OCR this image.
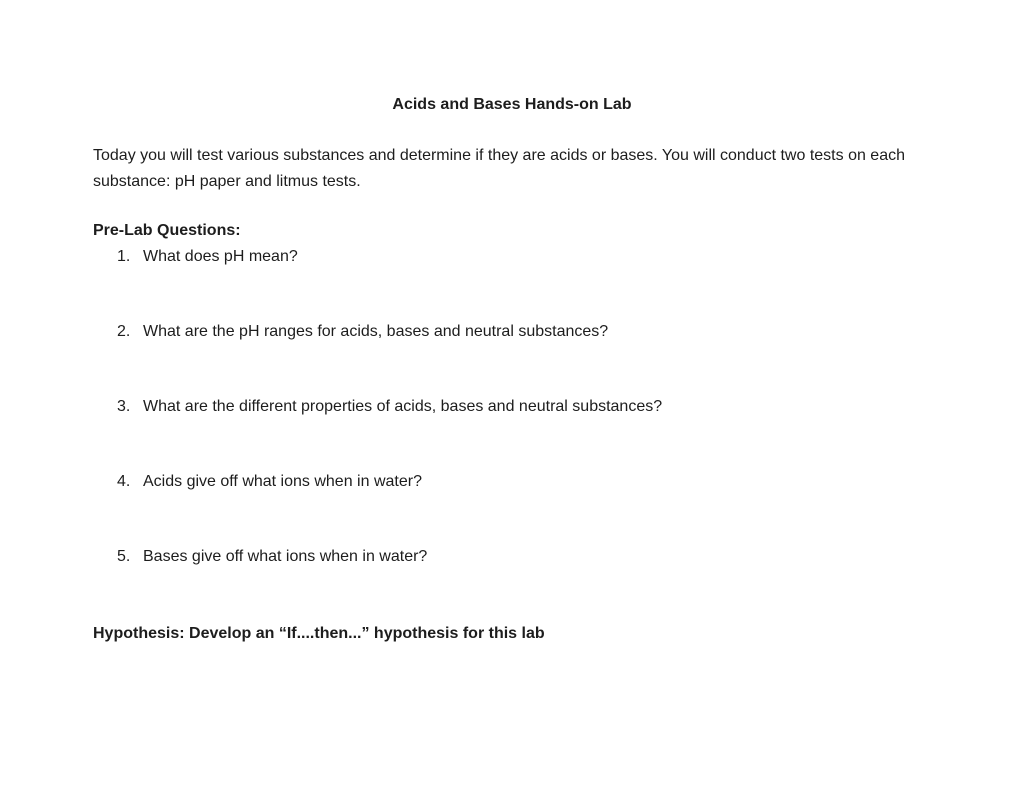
Acids and Bases Hands-on Lab
Today you will test various substances and determine if they are acids or bases. You will conduct two tests on each substance: pH paper and litmus tests.
Pre-Lab Questions:
1. What does pH mean?
2. What are the pH ranges for acids, bases and neutral substances?
3. What are the different properties of acids, bases and neutral substances?
4. Acids give off what ions when in water?
5. Bases give off what ions when in water?
Hypothesis: Develop an “If....then...” hypothesis for this lab
